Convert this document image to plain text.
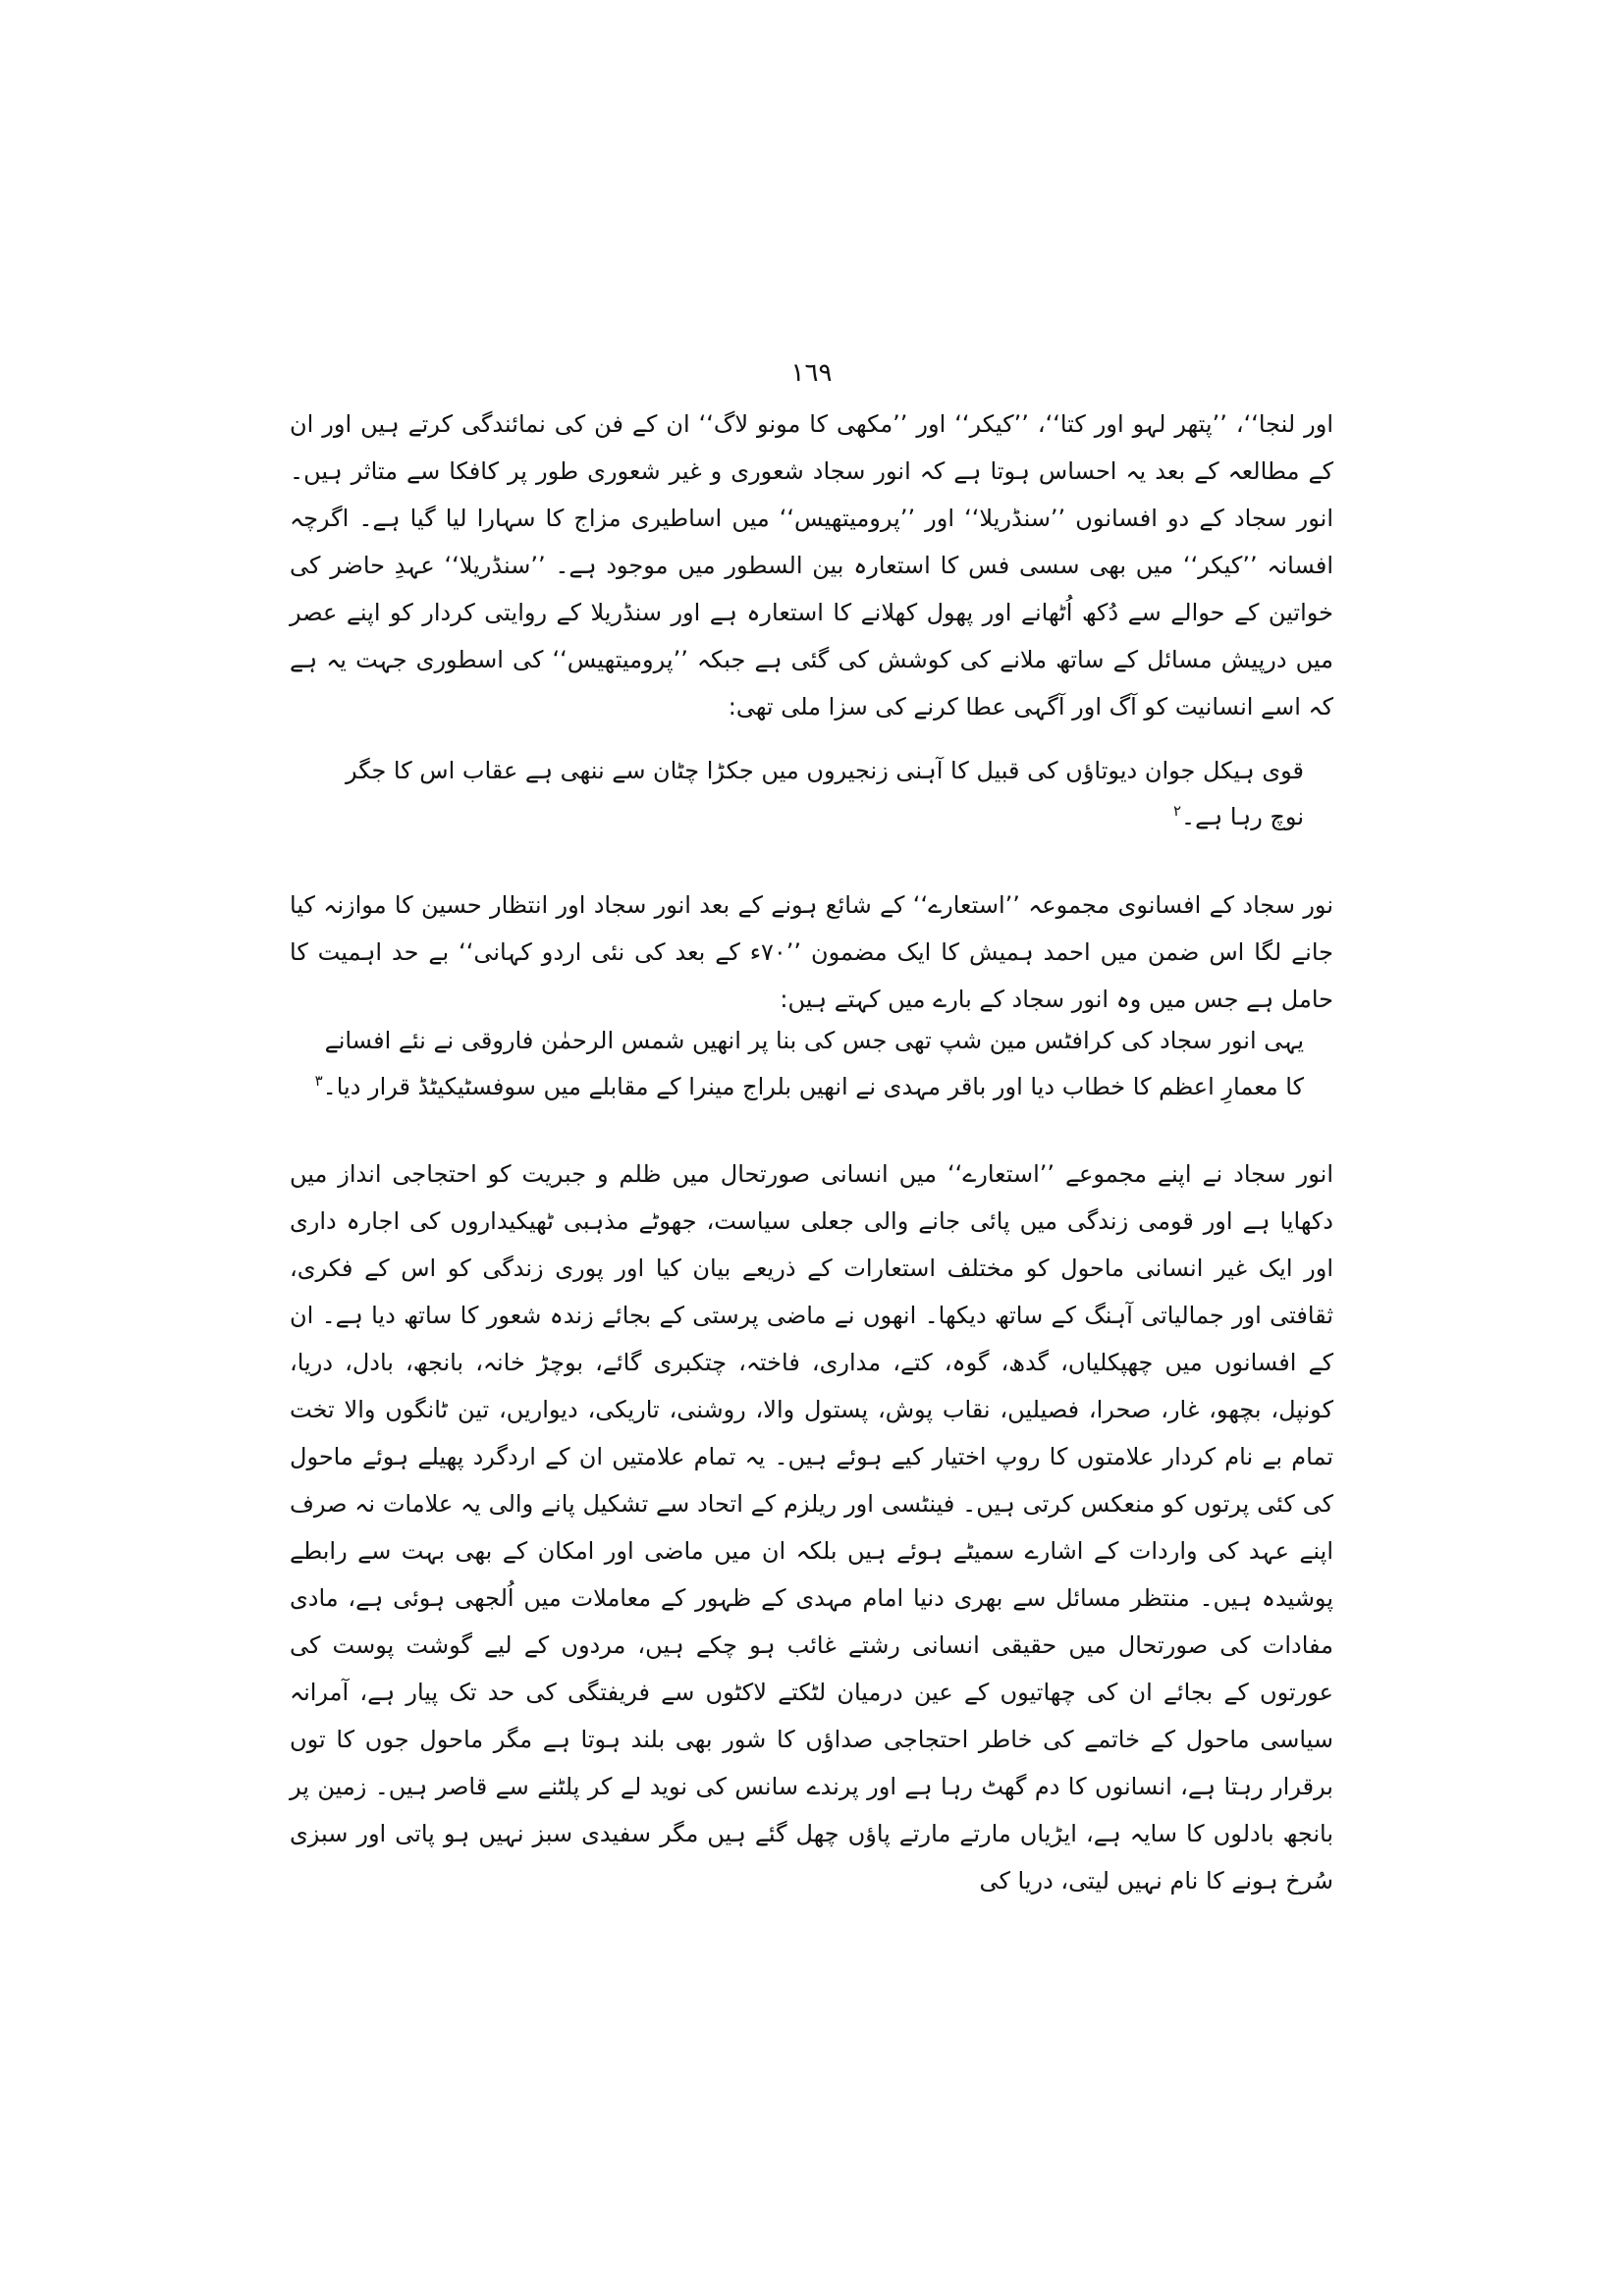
١٦٩

اور لنجا‘‘، ’’پتھر لہو اور کتا‘‘، ’’کیکر‘‘ اور ’’مکھی کا مونو لاگ‘‘ ان کے فن کی نمائندگی کرتے ہیں اور ان کے مطالعہ کے بعد یہ احساس ہوتا ہے کہ انور سجاد شعوری و غیر شعوری طور پر کافکا سے متاثر ہیں۔ انور سجاد کے دو افسانوں ’’سنڈریلا‘‘ اور ’’پرومیتھیس‘‘ میں اساطیری مزاج کا سہارا لیا گیا ہے۔ اگرچہ افسانہ ’’کیکر‘‘ میں بھی سسی فس کا استعارہ بین السطور میں موجود ہے۔ ’’سنڈریلا‘‘ عہدِ حاضر کی خواتین کے حوالے سے دُکھ اُٹھانے اور پھول کھلانے کا استعارہ ہے اور سنڈریلا کے روایتی کردار کو اپنے عصر میں درپیش مسائل کے ساتھ ملانے کی کوشش کی گئی ہے جبکہ ’’پرومیتھیس‘‘ کی اسطوری جہت یہ ہے کہ اسے انسانیت کو آگ اور آگہی عطا کرنے کی سزا ملی تھی:

قوی ہیکل جوان دیوتاؤں کی قبیل کا آہنی زنجیروں میں جکڑا چٹان سے ننھی ہے عقاب اس کا جگر نوچ رہا ہے۔$^٢$

نور سجاد کے افسانوی مجموعہ ’’استعارے‘‘ کے شائع ہونے کے بعد انور سجاد اور انتظار حسین کا موازنہ کیا جانے لگا اس ضمن میں احمد ہمیش کا ایک مضمون ’’۷۰ء کے بعد کی نئی اردو کہانی‘‘ بے حد اہمیت کا حامل ہے جس میں وہ انور سجاد کے بارے میں کہتے ہیں:

یہی انور سجاد کی کرافٹس مین شپ تھی جس کی بنا پر انھیں شمس الرحمٰن فاروقی نے نئے افسانے کا معمارِ اعظم کا خطاب دیا اور باقر مہدی نے انھیں بلراج مینرا کے مقابلے میں سوفسٹیکیٹڈ قرار دیا۔$^٣$

انور سجاد نے اپنے مجموعے ’’استعارے‘‘ میں انسانی صورتحال میں ظلم و جبریت کو احتجاجی انداز میں دکھایا ہے اور قومی زندگی میں پائی جانے والی جعلی سیاست، جھوٹے مذہبی ٹھیکیداروں کی اجارہ داری اور ایک غیر انسانی ماحول کو مختلف استعارات کے ذریعے بیان کیا اور پوری زندگی کو اس کے فکری، ثقافتی اور جمالیاتی آہنگ کے ساتھ دیکھا۔ انھوں نے ماضی پرستی کے بجائے زندہ شعور کا ساتھ دیا ہے۔ ان کے افسانوں میں چھپکلیاں، گدھ، گوہ، کتے، مداری، فاختہ، چتکبری گائے، بوچڑ خانہ، بانجھ، بادل، دریا، کونپل، بچھو، غار، صحرا، فصیلیں، نقاب پوش، پستول والا، روشنی، تاریکی، دیواریں، تین ٹانگوں والا تخت تمام بے نام کردار علامتوں کا روپ اختیار کیے ہوئے ہیں۔ یہ تمام علامتیں ان کے اردگرد پھیلے ہوئے ماحول کی کئی پرتوں کو منعکس کرتی ہیں۔ فینٹسی اور ریلزم کے اتحاد سے تشکیل پانے والی یہ علامات نہ صرف اپنے عہد کی واردات کے اشارے سمیٹے ہوئے ہیں بلکہ ان میں ماضی اور امکان کے بھی بہت سے رابطے پوشیدہ ہیں۔ منتظر مسائل سے بھری دنیا امام مہدی کے ظہور کے معاملات میں اُلجھی ہوئی ہے، مادی مفادات کی صورتحال میں حقیقی انسانی رشتے غائب ہو چکے ہیں، مردوں کے لیے گوشت پوست کی عورتوں کے بجائے ان کی چھاتیوں کے عین درمیان لٹکتے لاکٹوں سے فریفتگی کی حد تک پیار ہے، آمرانہ سیاسی ماحول کے خاتمے کی خاطر احتجاجی صداؤں کا شور بھی بلند ہوتا ہے مگر ماحول جوں کا توں برقرار رہتا ہے، انسانوں کا دم گھٹ رہا ہے اور پرندے سانس کی نوید لے کر پلٹنے سے قاصر ہیں۔ زمین پر بانجھ بادلوں کا سایہ ہے، ایڑیاں مارتے مارتے پاؤں چھل گئے ہیں مگر سفیدی سبز نہیں ہو پاتی اور سبزی سُرخ ہونے کا نام نہیں لیتی، دریا کی
